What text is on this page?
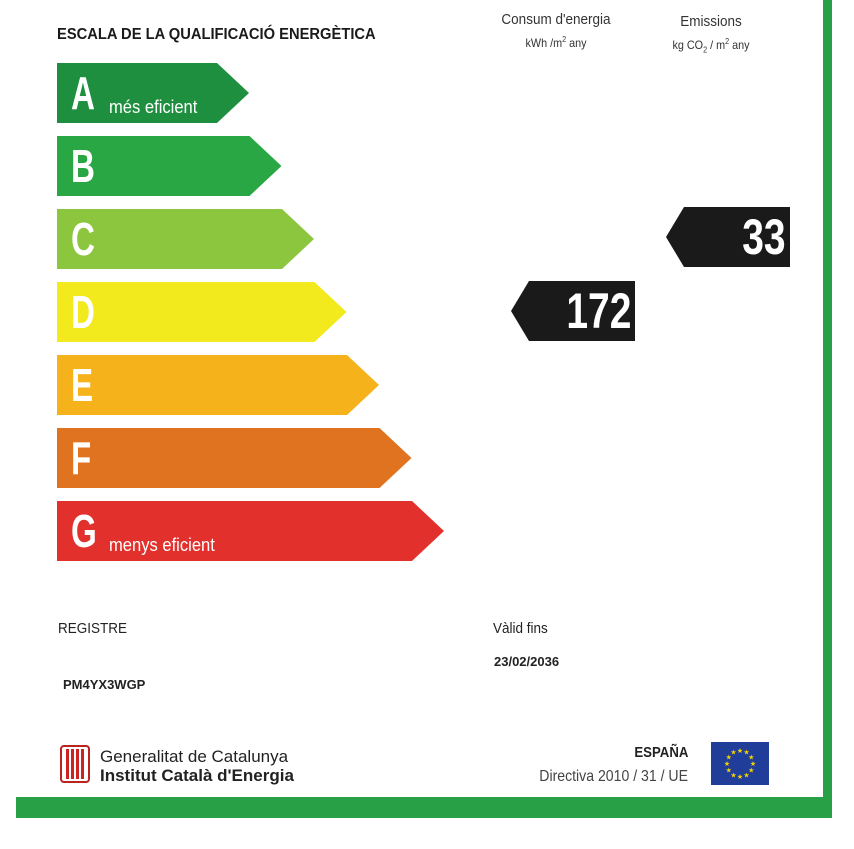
ESCALA DE LA QUALIFICACIÓ ENERGÈTICA
Consum d'energia
kWh $/m^2$ any
Emissions
kg $CO_2 / m^2$ any
A més eficient
B
C
D
E
F
G menys eficient
172
33
REGISTRE
PM4YX3WGP
Vàlid fins
23/02/2036
Generalitat de Catalunya
Institut Català d'Energia
ESPAÑA
Directiva 2010 / 31 / UE
★ ★
★
★
★
★
★
★
★
★
★
★
